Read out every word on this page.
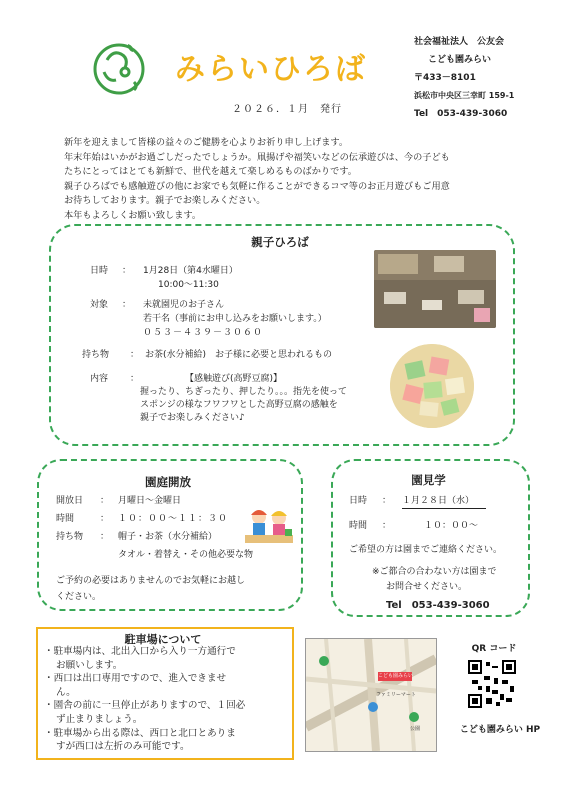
みらいひろば
２０２６．１月　発行
社会福祉法人　公友会
こども園みらい
〒433－8101
浜松市中央区三幸町 159-1
Tel　053-439-3060
新年を迎えまして皆様の益々のご健勝を心よりお祈り申し上げます。
年末年始はいかがお過ごしだったでしょうか。凧揚げや福笑いなどの伝承遊びは、今の子ども
たちにとってはとても新鮮で、世代を越えて楽しめるものばかりです。
親子ひろばでも感触遊びの他にお家でも気軽に作ることができるコマ等のお正月遊びもご用意
お待ちしております。親子でお楽しみください。
本年もよろしくお願い致します。
親子ひろば
日時 ： 1月28日（第4水曜日）
10:00～11:30
対象 ： 未就園児のお子さん
若干名（事前にお申し込みをお願いします。）
０５３－４３９－３０６０
持ち物 ： お茶(水分補給)　お子様に必要と思われるもの
内容 ：	【感触遊び(高野豆腐)】
握ったり、ちぎったり、押したり。。。指先を使って
スポンジの様なフワフワとした高野豆腐の感触を
親子でお楽しみください♪
園庭開放
開放日 ： 月曜日～金曜日
時間	： １０：００～１１：３０
持ち物 ： 帽子・お茶（水分補給）
タオル・着替え・その他必要な物
ご予約の必要はありませんのでお気軽にお越し
ください。
園見学
日時 ： １月２８日（水）
時間 ：	１０：００～
ご希望の方は園までご連絡ください。
※ご都合の合わない方は園まで
お問合せください。
Tel　053-439-3060
駐車場について
・駐車場内は、北出入口から入り一方通行で
お願いします。
・西口は出口専用ですので、進入できませ
ん。
・園舎の前に一旦停止がありますので、１回必
ず止まりましょう。
・駐車場から出る際は、西口と北口とありま
すが西口は左折のみ可能です。
こども園みらい
ファミリーマート
公園
QR コード
こども園みらい HP
